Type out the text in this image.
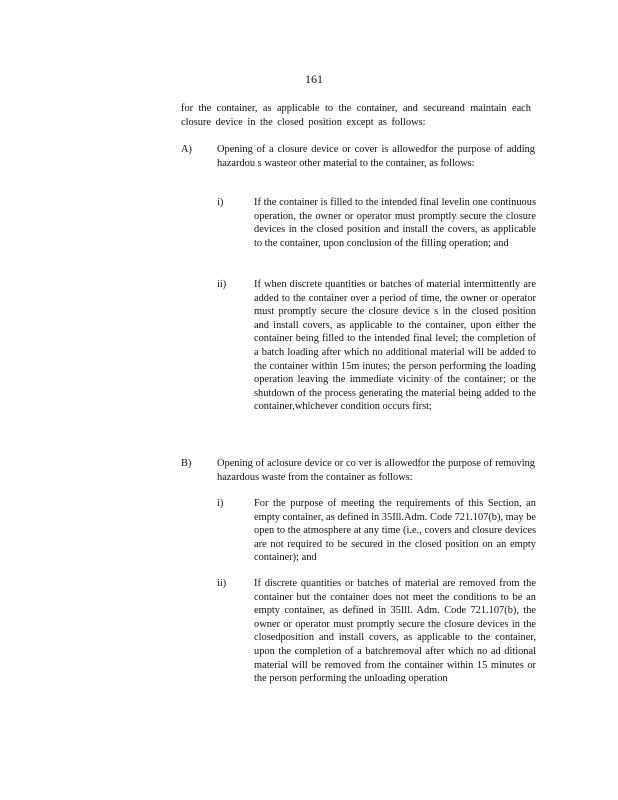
161
for the container, as applicable to the container, and secureand maintain each closure device in the closed position except as follows:
A) Opening of a closure device or cover is allowedfor the purpose of adding hazardou s wasteor other material to the container, as follows:
i)	If the container is filled to the intended final levelin one continuous operation, the owner or operator must promptly secure the closure devices in the closed position and install the covers, as applicable to the container, upon conclusion of the filling operation; and
ii)	If when discrete quantities or batches of material intermittently are added to the container over a period of time, the owner or operator must promptly secure the closure device s in the closed position and install covers, as applicable to the container, upon either the container being filled to the intended final level; the completion of a batch loading after which no additional material will be added to the container within 15m inutes; the person performing the loading operation leaving the immediate vicinity of the container; or the shutdown of the process generating the material being added to the container,whichever condition occurs first;
B) Opening of aclosure device or co ver is allowedfor the purpose of removing hazardous waste from the container as follows:
i)	For the purpose of meeting the requirements of this Section, an empty container, as defined in 35Ill.Adm. Code 721.107(b), may be open to the atmosphere at any time (i.e., covers and closure devices are not required to be secured in the closed position on an empty container); and
ii)	If discrete quantities or batches of material are removed from the container but the container does not meet the conditions to be an empty container, as defined in 35Ill. Adm. Code 721.107(b), the owner or operator must promptly secure the closure devices in the closedposition and install covers, as applicable to the container, upon the completion of a batchremoval after which no ad ditional material will be removed from the container within 15 minutes or the person performing the unloading operation
